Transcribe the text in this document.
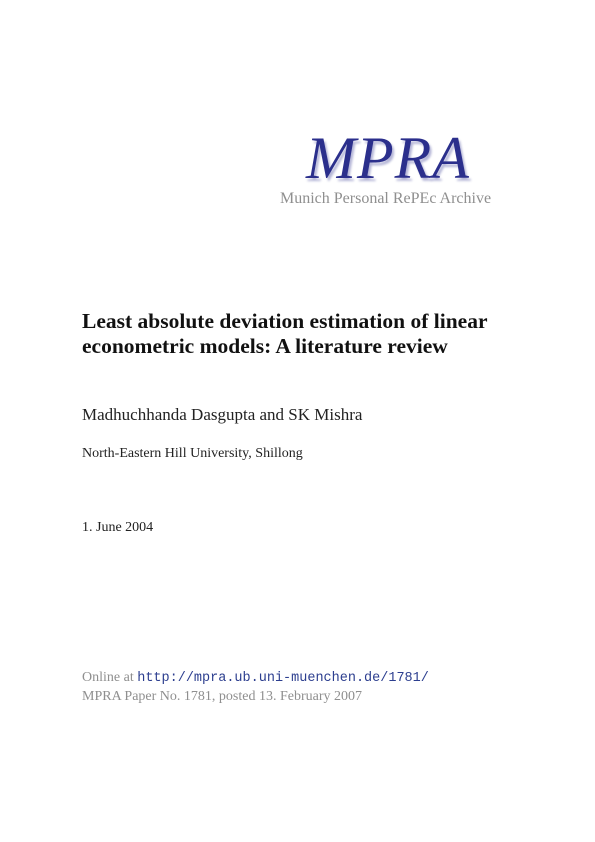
MPRA
Munich Personal RePEc Archive
Least absolute deviation estimation of linear econometric models: A literature review
Madhuchhanda Dasgupta and SK Mishra
North-Eastern Hill University, Shillong
1. June 2004
Online at http://mpra.ub.uni-muenchen.de/1781/
MPRA Paper No. 1781, posted 13. February 2007
